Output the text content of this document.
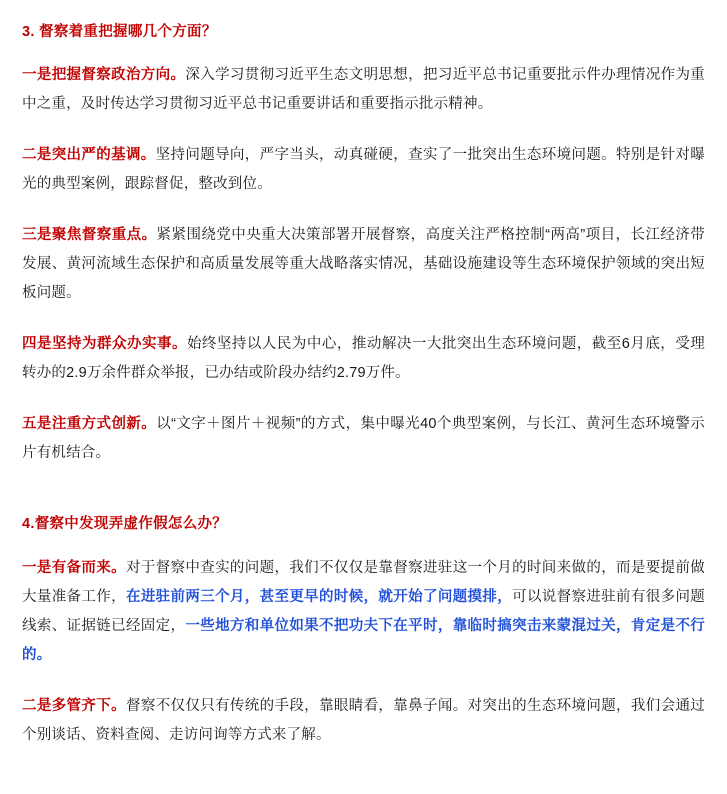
3. 督察着重把握哪几个方面？

一是把握督察政治方向。深入学习贯彻习近平生态文明思想，把习近平总书记重要批示件办理情况作为重中之重，及时传达学习贯彻习近平总书记重要讲话和重要指示批示精神。

二是突出严的基调。坚持问题导向，严字当头，动真碰硬，查实了一批突出生态环境问题。特别是针对曝光的典型案例，跟踪督促，整改到位。

三是聚焦督察重点。紧紧围绕党中央重大决策部署开展督察，高度关注严格控制“两高”项目，长江经济带发展、黄河流域生态保护和高质量发展等重大战略落实情况，基础设施建设等生态环境保护领域的突出短板问题。

四是坚持为群众办实事。始终坚持以人民为中心，推动解决一大批突出生态环境问题，截至6月底，受理转办的2.9万余件群众举报，已办结或阶段办结约2.79万件。

五是注重方式创新。以“文字＋图片＋视频”的方式，集中曝光40个典型案例，与长江、黄河生态环境警示片有机结合。

4.督察中发现弄虚作假怎么办？

一是有备而来。对于督察中查实的问题，我们不仅仅是靠督察进驻这一个月的时间来做的，而是要提前做大量准备工作，在进驻前两三个月，甚至更早的时候，就开始了问题摸排，可以说督察进驻前有很多问题线索、证据链已经固定，一些地方和单位如果不把功夫下在平时，靠临时搞突击来蒙混过关，肯定是不行的。

二是多管齐下。督察不仅仅只有传统的手段，靠眼睛看，靠鼻子闻。对突出的生态环境问题，我们会通过个别谈话、资料查阅、走访问询等方式来了解。
